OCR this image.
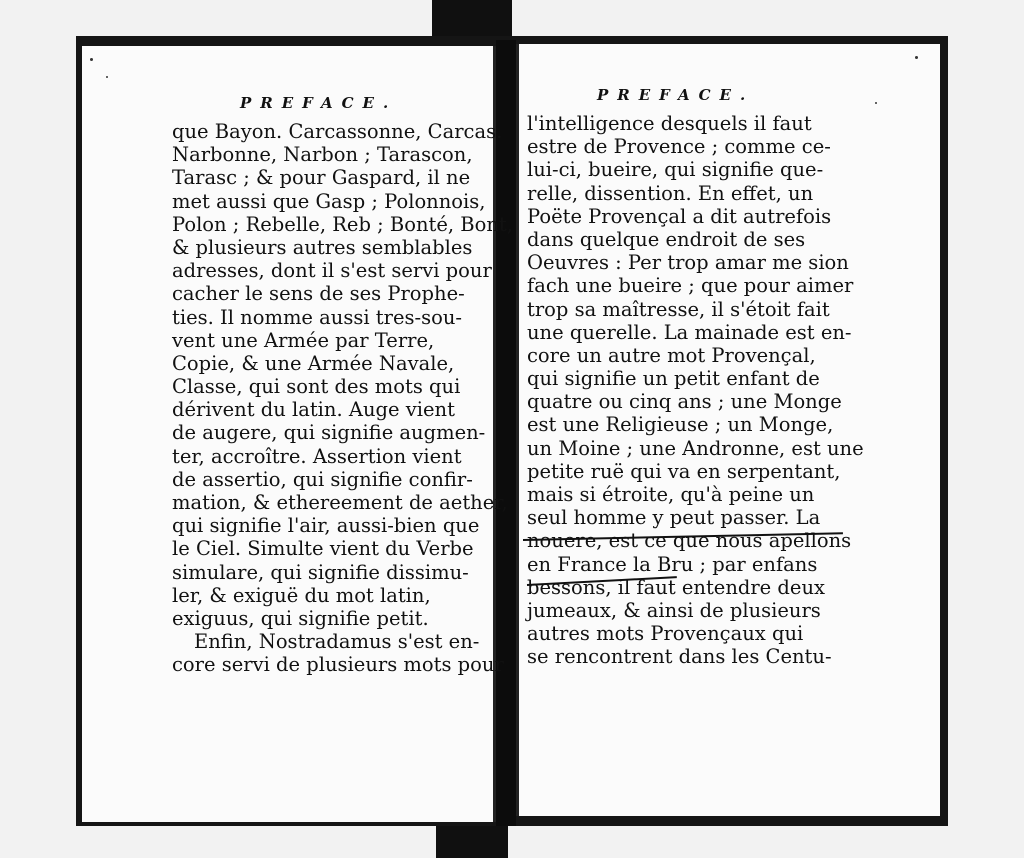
PREFACE.
que Bayon. Carcassonne, Carcas.
Narbonne, Narbon ; Tarascon,
Tarasc ; & pour Gaspard, il ne
met aussi que Gasp ; Polonnois,
Polon ; Rebelle, Reb ; Bonté, Bont,
& plusieurs autres semblables
adresses, dont il s'est servi pour
cacher le sens de ses Prophe-
ties. Il nomme aussi tres-sou-
vent une Armée par Terre,
Copie, & une Armée Navale,
Classe, qui sont des mots qui
dérivent du latin. Auge vient
de augere, qui signifie augmen-
ter, accroître. Assertion vient
de assertio, qui signifie confir-
mation, & ethereement de aether,
qui signifie l'air, aussi-bien que
le Ciel. Simulte vient du Verbe
simulare, qui signifie dissimu-
ler, & exiguë du mot latin,
exiguus, qui signifie petit.
Enfin, Nostradamus s'est en-
core servi de plusieurs mots pour
PREFACE.
l'intelligence desquels il faut
estre de Provence ; comme ce-
lui-ci, bueire, qui signifie que-
relle, dissention. En effet, un
Poëte Provençal a dit autrefois
dans quelque endroit de ses
Oeuvres : Per trop amar me sion
fach une bueire ; que pour aimer
trop sa maîtresse, il s'étoit fait
une querelle. La mainade est en-
core un autre mot Provençal,
qui signifie un petit enfant de
quatre ou cinq ans ; une Monge
est une Religieuse ; un Monge,
un Moine ; une Andronne, est une
petite ruë qui va en serpentant,
mais si étroite, qu'à peine un
seul homme y peut passer. La
nouere, est ce que nous apellons
en France la Bru ; par enfans
bessons, il faut entendre deux
jumeaux, & ainsi de plusieurs
autres mots Provençaux qui
se rencontrent dans les Centu-
